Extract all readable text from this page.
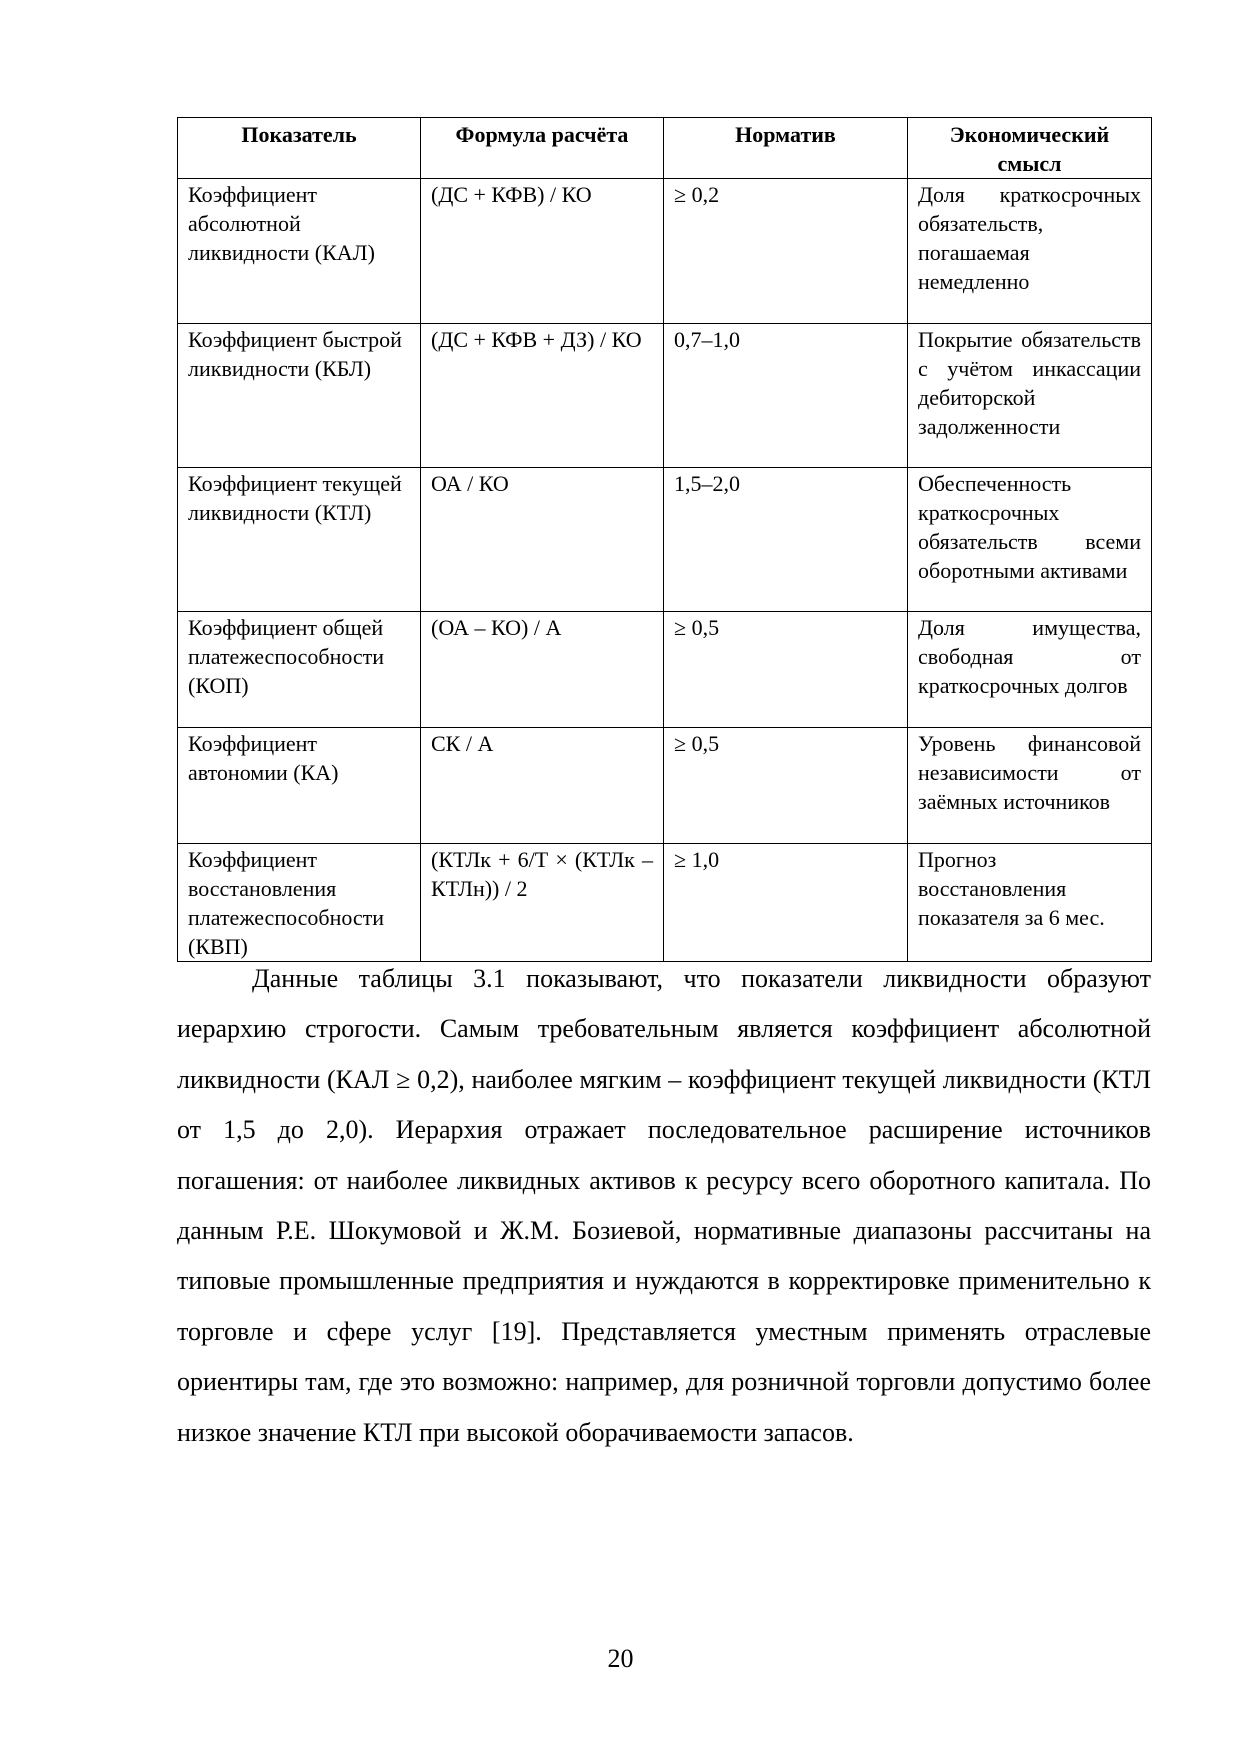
Показатель	Формула расчёта	Норматив	Экономический смысл
Коэффициент абсолютной ликвидности (КАЛ)	(ДС + КФВ) / КО	≥ 0,2	Доля краткосрочных обязательств, погашаемая немедленно
Коэффициент быстрой ликвидности (КБЛ)	(ДС + КФВ + ДЗ) / КО	0,7–1,0	Покрытие обязательств с учётом инкассации дебиторской задолженности
Коэффициент текущей ликвидности (КТЛ)	ОА / КО	1,5–2,0	Обеспеченность краткосрочных обязательств всеми оборотными активами
Коэффициент общей платежеспособности (КОП)	(ОА – КО) / А	≥ 0,5	Доля имущества, свободная от краткосрочных долгов
Коэффициент автономии (КА)	СК / А	≥ 0,5	Уровень финансовой независимости от заёмных источников
Коэффициент восстановления платежеспособности (КВП)	(КТЛк + 6/Т × (КТЛк – КТЛн)) / 2	≥ 1,0	Прогноз восстановления показателя за 6 мес.

Данные таблицы 3.1 показывают, что показатели ликвидности образуют иерархию строгости. Самым требовательным является коэффициент абсолютной ликвидности (КАЛ ≥ 0,2), наиболее мягким – коэффициент текущей ликвидности (КТЛ от 1,5 до 2,0). Иерархия отражает последовательное расширение источников погашения: от наиболее ликвидных активов к ресурсу всего оборотного капитала. По данным Р.Е. Шокумовой и Ж.М. Бозиевой, нормативные диапазоны рассчитаны на типовые промышленные предприятия и нуждаются в корректировке применительно к торговле и сфере услуг [19]. Представляется уместным применять отраслевые ориентиры там, где это возможно: например, для розничной торговли допустимо более низкое значение КТЛ при высокой оборачиваемости запасов.

20
